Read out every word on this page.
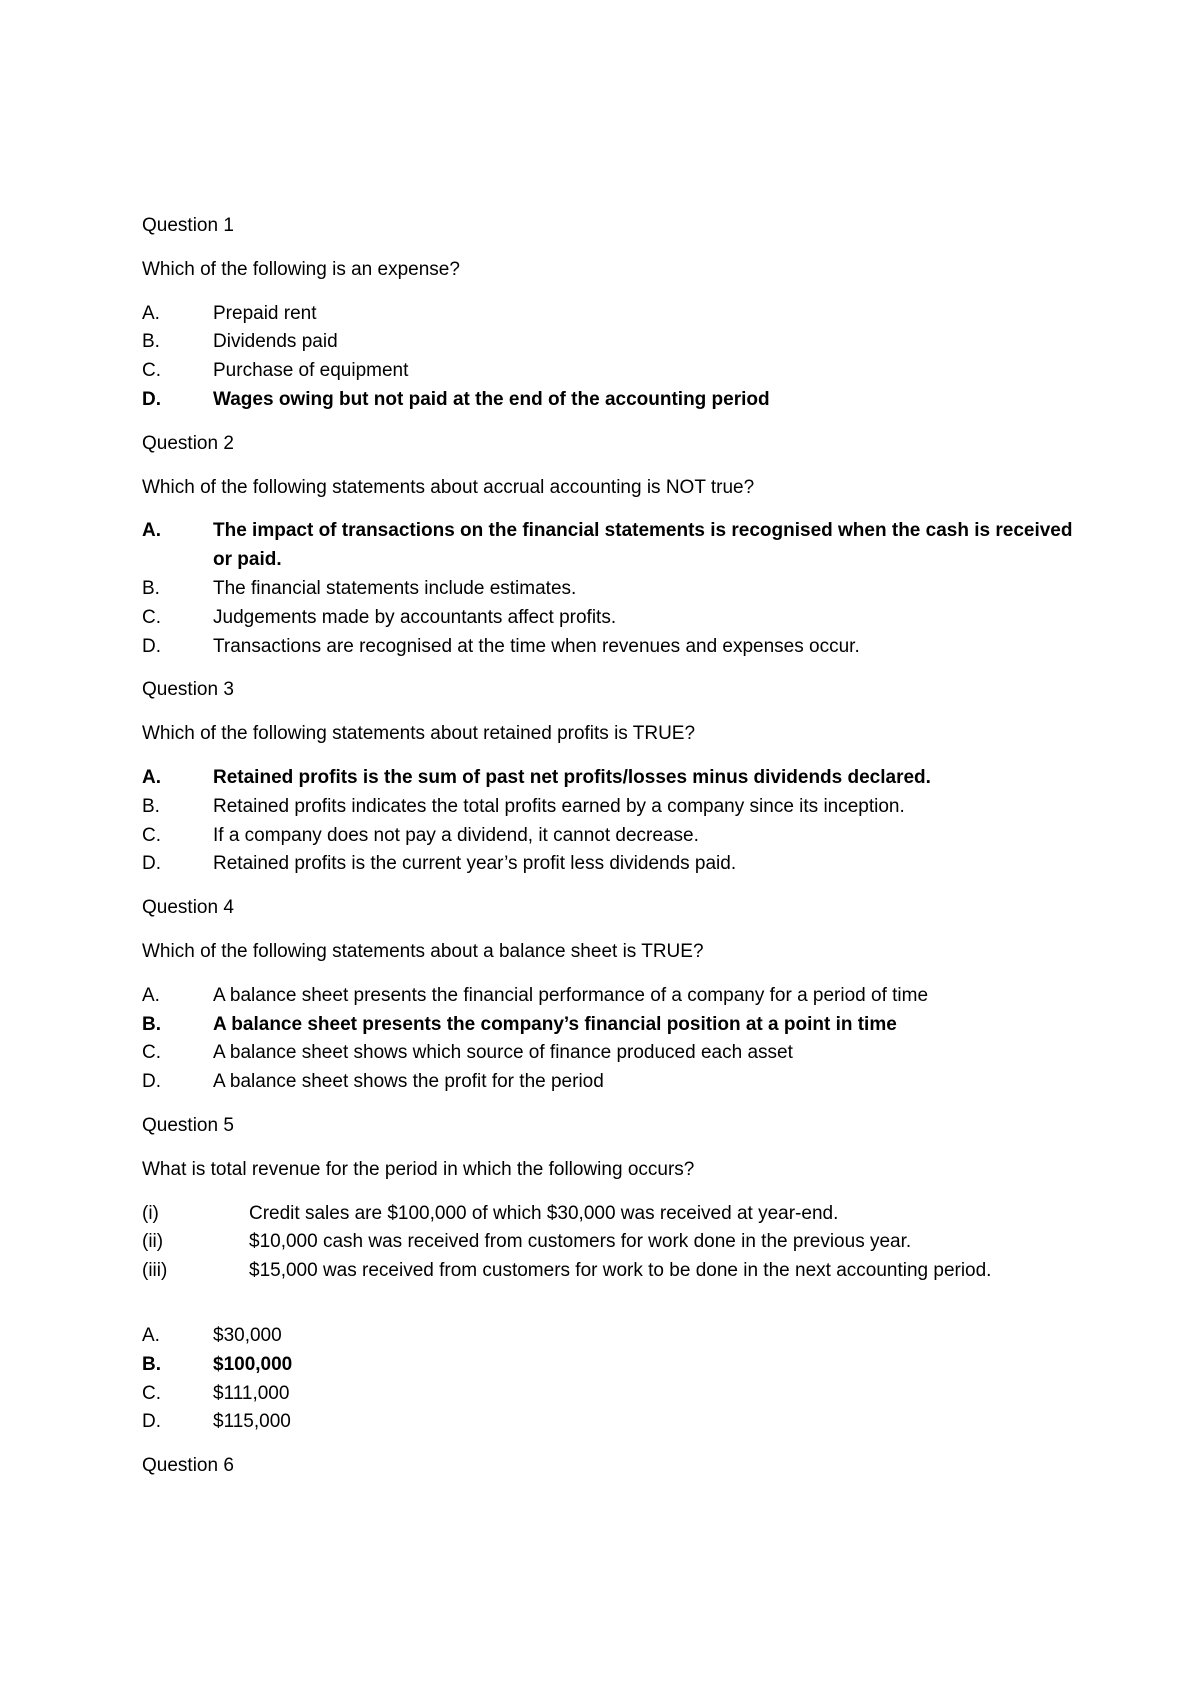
Question 1
Which of the following is an expense?
A.	Prepaid rent
B.	Dividends paid
C.	Purchase of equipment
D.	Wages owing but not paid at the end of the accounting period
Question 2
Which of the following statements about accrual accounting is NOT true?
A.	The impact of transactions on the financial statements is recognised when the cash is received or paid.
B.	The financial statements include estimates.
C.	Judgements made by accountants affect profits.
D.	Transactions are recognised at the time when revenues and expenses occur.
Question 3
Which of the following statements about retained profits is TRUE?
A.	Retained profits is the sum of past net profits/losses minus dividends declared.
B.	Retained profits indicates the total profits earned by a company since its inception.
C.	If a company does not pay a dividend, it cannot decrease.
D.	Retained profits is the current year’s profit less dividends paid.
Question 4
Which of the following statements about a balance sheet is TRUE?
A.	A balance sheet presents the financial performance of a company for a period of time
B.	A balance sheet presents the company’s financial position at a point in time
C.	A balance sheet shows which source of finance produced each asset
D.	A balance sheet shows the profit for the period
Question 5
What is total revenue for the period in which the following occurs?
(i)	Credit sales are $100,000 of which $30,000 was received at year-end.
(ii)	$10,000 cash was received from customers for work done in the previous year.
(iii)	$15,000 was received from customers for work to be done in the next accounting period.
A.	$30,000
B.	$100,000
C.	$111,000
D.	$115,000
Question 6
